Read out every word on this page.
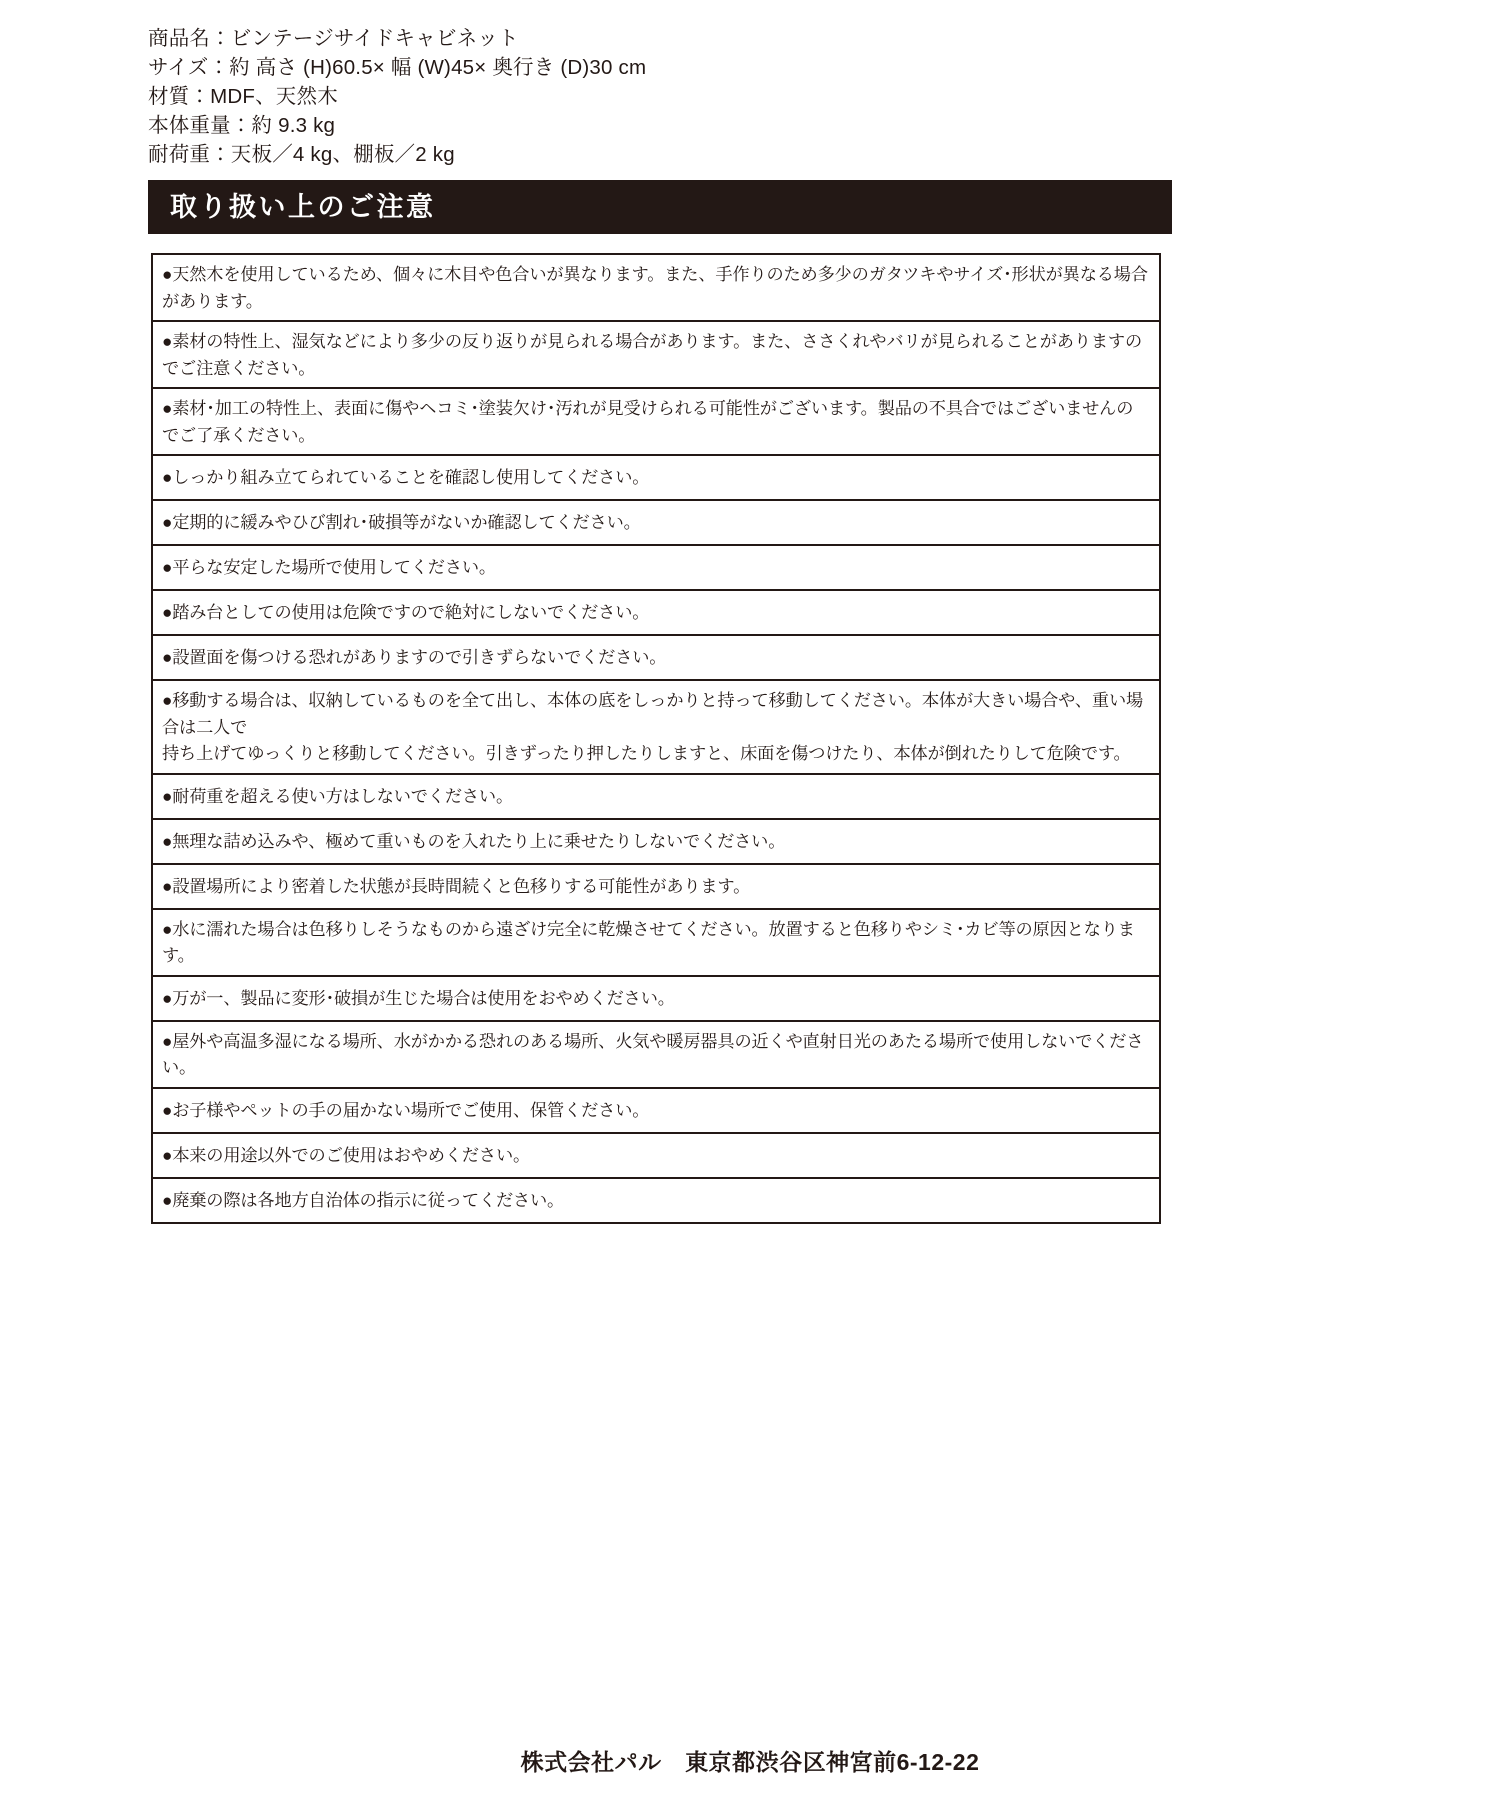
商品名：ビンテージサイドキャビネット
サイズ：約 高さ (H)60.5× 幅 (W)45× 奥行き (D)30 cm
材質：MDF、天然木
本体重量：約 9.3 kg
耐荷重：天板／4 kg、棚板／2 kg
取り扱い上のご注意
●天然木を使用しているため、個々に木目や色合いが異なります。また、手作りのため多少のガタツキやサイズ･形状が異なる場合があります。
●素材の特性上、湿気などにより多少の反り返りが見られる場合があります。また、ささくれやバリが見られることがありますのでご注意ください。
●素材･加工の特性上、表面に傷やヘコミ･塗装欠け･汚れが見受けられる可能性がございます。製品の不具合ではございませんのでご了承ください。
●しっかり組み立てられていることを確認し使用してください。
●定期的に緩みやひび割れ･破損等がないか確認してください。
●平らな安定した場所で使用してください。
●踏み台としての使用は危険ですので絶対にしないでください。
●設置面を傷つける恐れがありますので引きずらないでください。
●移動する場合は、収納しているものを全て出し、本体の底をしっかりと持って移動してください。本体が大きい場合や、重い場合は二人で
持ち上げてゆっくりと移動してください。引きずったり押したりしますと、床面を傷つけたり、本体が倒れたりして危険です。
●耐荷重を超える使い方はしないでください。
●無理な詰め込みや、極めて重いものを入れたり上に乗せたりしないでください。
●設置場所により密着した状態が長時間続くと色移りする可能性があります。
●水に濡れた場合は色移りしそうなものから遠ざけ完全に乾燥させてください。放置すると色移りやシミ･カビ等の原因となります。
●万が一、製品に変形･破損が生じた場合は使用をおやめください。
●屋外や高温多湿になる場所、水がかかる恐れのある場所、火気や暖房器具の近くや直射日光のあたる場所で使用しないでください。
●お子様やペットの手の届かない場所でご使用、保管ください。
●本来の用途以外でのご使用はおやめください。
●廃棄の際は各地方自治体の指示に従ってください。
株式会社パル　東京都渋谷区神宮前6-12-22
